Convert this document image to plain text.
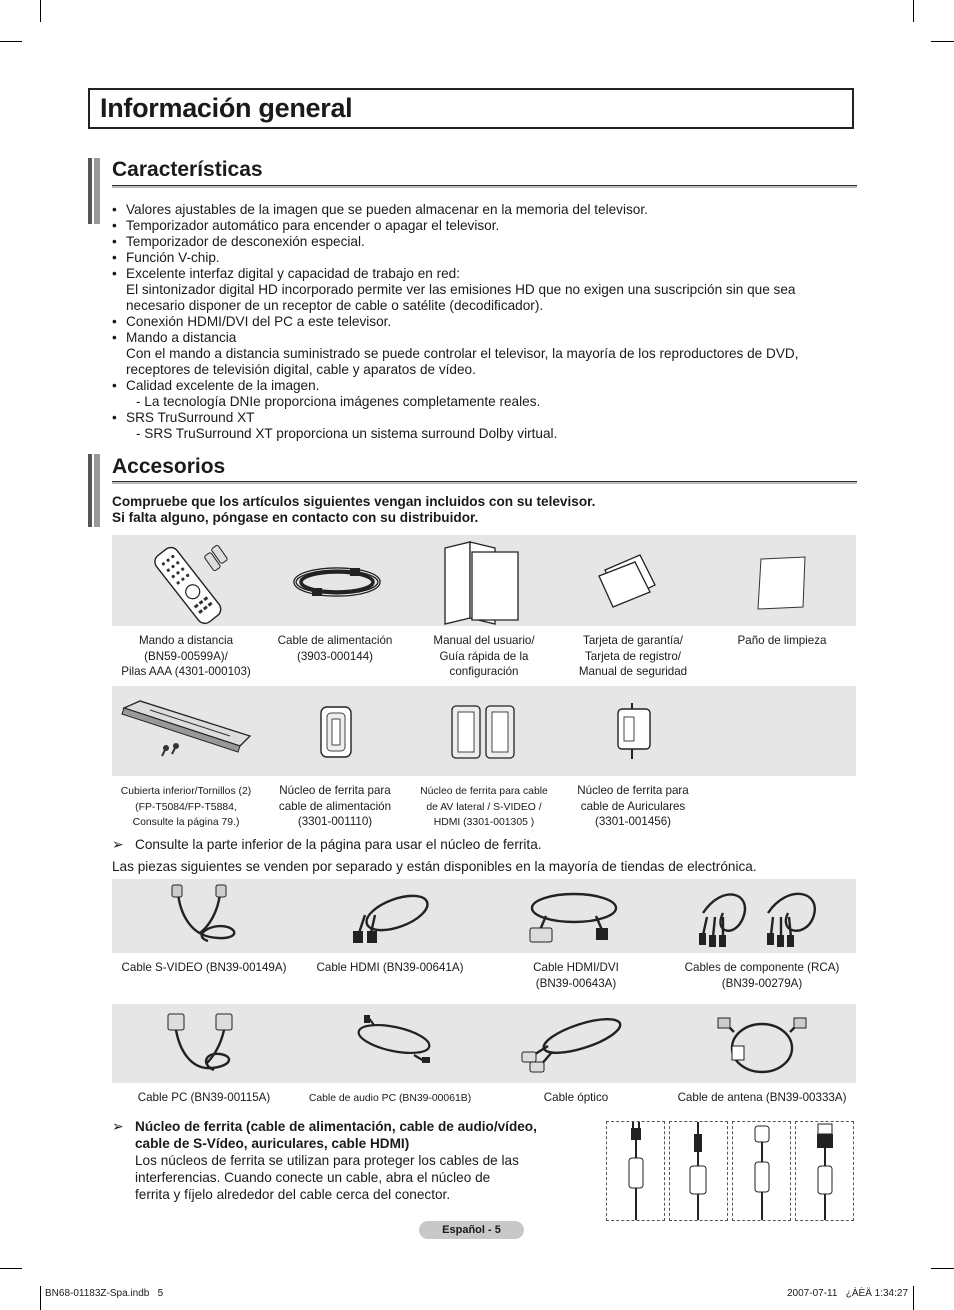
Información general
Características
• Valores ajustables de la imagen que se pueden almacenar en la memoria del televisor.
• Temporizador automático para encender o apagar el televisor.
• Temporizador de desconexión especial.
• Función V-chip.
• Excelente interfaz digital y capacidad de trabajo en red:
El sintonizador digital HD incorporado permite ver las emisiones HD que no exigen una suscripción sin que sea necesario disponer de un receptor de cable o satélite (decodificador).
• Conexión HDMI/DVI del PC a este televisor.
• Mando a distancia
Con el mando a distancia suministrado se puede controlar el televisor, la mayoría de los reproductores de DVD, receptores de televisión digital, cable y aparatos de vídeo.
• Calidad excelente de la imagen.
- La tecnología DNIe proporciona imágenes completamente reales.
• SRS TruSurround XT
- SRS TruSurround XT proporciona un sistema surround Dolby virtual.
Accesorios
Compruebe que los artículos siguientes vengan incluidos con su televisor.
Si falta alguno, póngase en contacto con su distribuidor.
Mando a distancia
(BN59-00599A)/
Pilas AAA (4301-000103)
Cable de alimentación
(3903-000144)
Manual del usuario/
Guía rápida de la
configuración
Tarjeta de garantía/
Tarjeta de registro/
Manual de seguridad
Paño de limpieza
Cubierta inferior/Tornillos (2)
(FP-T5084/FP-T5884,
Consulte la página 79.)
Núcleo de ferrita para
cable de alimentación
(3301-001110)
Núcleo de ferrita para cable
de AV lateral / S-VIDEO /
HDMI (3301-001305 )
Núcleo de ferrita para
cable de Auriculares
(3301-001456)
➢ Consulte la parte inferior de la página para usar el núcleo de ferrita.
Las piezas siguientes se venden por separado y están disponibles en la mayoría de tiendas de electrónica.
Cable S-VIDEO (BN39-00149A)	Cable HDMI (BN39-00641A)	Cable HDMI/DVI
(BN39-00643A)
Cables de componente (RCA)
(BN39-00279A)
Cable PC (BN39-00115A)	Cable de audio PC (BN39-00061B)	Cable óptico	Cable de antena (BN39-00333A)
➢ Núcleo de ferrita (cable de alimentación, cable de audio/vídeo,
cable de S-Vídeo, auriculares, cable HDMI)
Los núcleos de ferrita se utilizan para proteger los cables de las
interferencias. Cuando conecte un cable, abra el núcleo de
ferrita y fíjelo alrededor del cable cerca del conector.
Español - 5
BN68-01183Z-Spa.indb   5	2007-07-11   ¿ÀÈÄ 1:34:27
